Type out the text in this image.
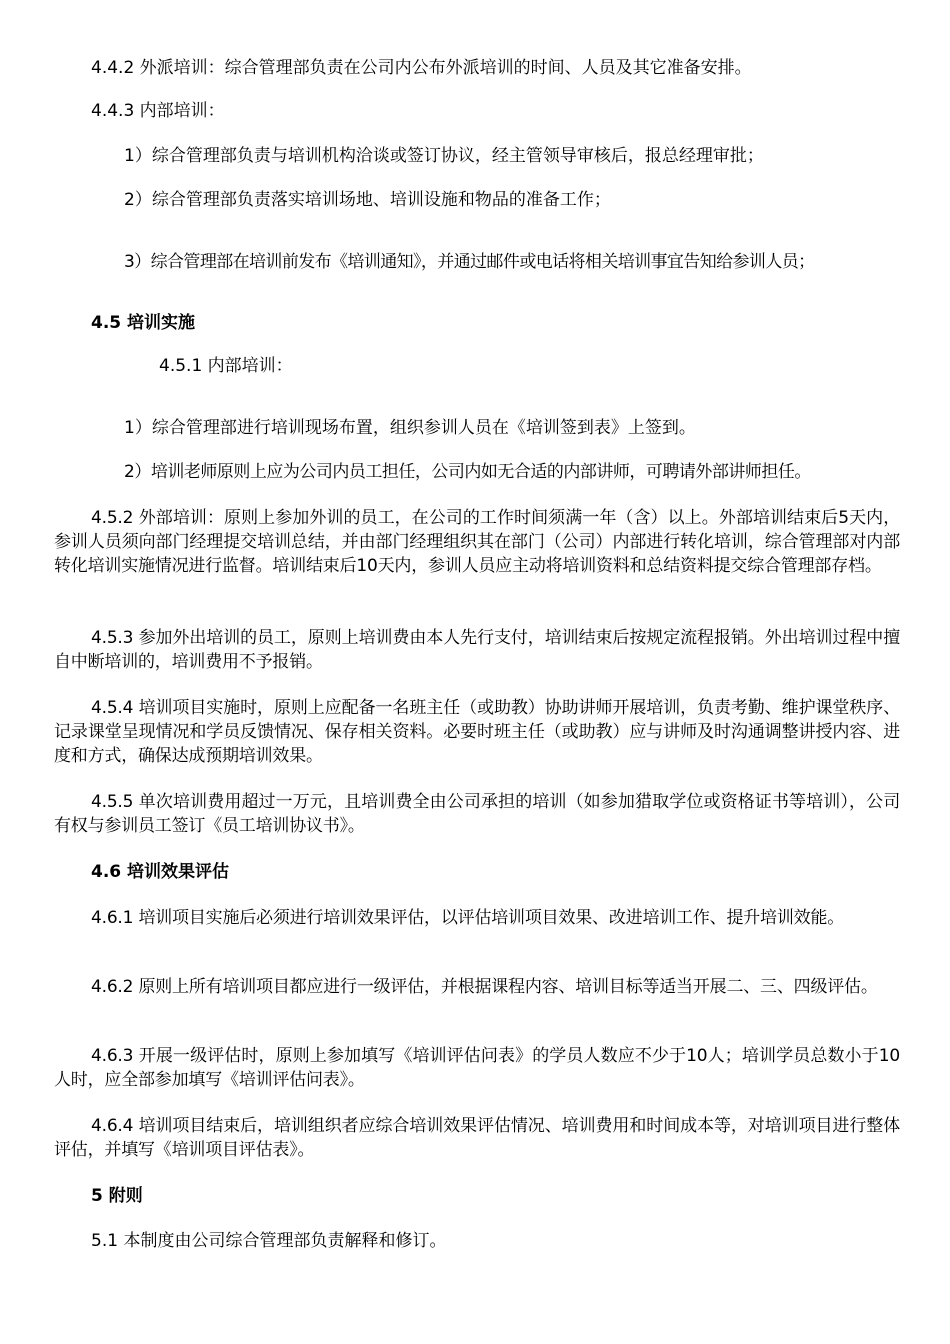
4.4.2 外派培训：综合管理部负责在公司内公布外派培训的时间、人员及其它准备安排。

4.4.3 内部培训：

1）综合管理部负责与培训机构洽谈或签订协议，经主管领导审核后，报总经理审批；

2）综合管理部负责落实培训场地、培训设施和物品的准备工作；

3）综合管理部在培训前发布《培训通知》，并通过邮件或电话将相关培训事宜告知给参训人员；

4.5 培训实施

4.5.1 内部培训：

1）综合管理部进行培训现场布置，组织参训人员在《培训签到表》上签到。

2）培训老师原则上应为公司内员工担任，公司内如无合适的内部讲师，可聘请外部讲师担任。

4.5.2 外部培训：原则上参加外训的员工，在公司的工作时间须满一年（含）以上。外部培训结束后5天内，参训人员须向部门经理提交培训总结，并由部门经理组织其在部门（公司）内部进行转化培训，综合管理部对内部转化培训实施情况进行监督。培训结束后10天内，参训人员应主动将培训资料和总结资料提交综合管理部存档。

4.5.3 参加外出培训的员工，原则上培训费由本人先行支付，培训结束后按规定流程报销。外出培训过程中擅自中断培训的，培训费用不予报销。

4.5.4 培训项目实施时，原则上应配备一名班主任（或助教）协助讲师开展培训，负责考勤、维护课堂秩序、记录课堂呈现情况和学员反馈情况、保存相关资料。必要时班主任（或助教）应与讲师及时沟通调整讲授内容、进度和方式，确保达成预期培训效果。

4.5.5 单次培训费用超过一万元，且培训费全由公司承担的培训（如参加猎取学位或资格证书等培训），公司有权与参训员工签订《员工培训协议书》。

4.6 培训效果评估

4.6.1 培训项目实施后必须进行培训效果评估，以评估培训项目效果、改进培训工作、提升培训效能。

4.6.2 原则上所有培训项目都应进行一级评估，并根据课程内容、培训目标等适当开展二、三、四级评估。

4.6.3 开展一级评估时，原则上参加填写《培训评估问表》的学员人数应不少于10人；培训学员总数小于10人时，应全部参加填写《培训评估问表》。

4.6.4 培训项目结束后，培训组织者应综合培训效果评估情况、培训费用和时间成本等，对培训项目进行整体评估，并填写《培训项目评估表》。

5 附则

5.1 本制度由公司综合管理部负责解释和修订。
